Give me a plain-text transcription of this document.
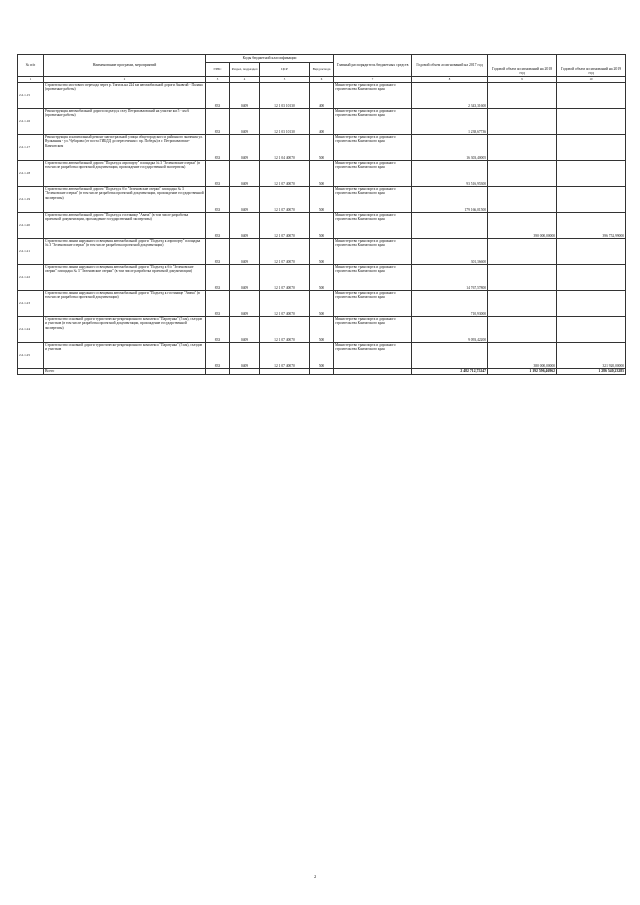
№ п/п	Наименование программ, мероприятий	Коды бюджетной классификации				Главный распорядитель бюджетных средств	Годовой объем ассигнований на 2017 год	Годовой объем ассигнований на 2018 год	Годовой объем ассигнований на 2019 год
		ГРБС	Раздел, подраздел	ЦСР	Вид расхода				
1	2	3	4	5	6	7	8	9	10
2.2.1.15	Строительство мостового перехода через р. Тигиль на 224 км автомобильной дороги Анавгай - Палана (проектные работы)	833	0409	12 1 03 10130	400	Министерство транспорта и дорожного строительства Камчатского края	2 343,31600		
2.2.1.16	Реконструкция автомобильной дороги подъезд к селу Петропавловский на участке км 5 - км 6 (проектные работы)	833	0409	12 1 03 10130	400	Министерство транспорта и дорожного строительства Камчатского края	1 238,67736		
2.2.1.17	Реконструкция и капитальный ремонт магистральной улицы общегородского и районного значения ул. Вулканная - ул. Чубарова (от поста ГИБДД до пересечения с пр. Победы) в г. Петропавловске-Камчатском	833	0409	12 1 04 40070	500	Министерство транспорта и дорожного строительства Камчатского края	16 303,40005		
2.2.1.18	Строительство автомобильной дороги "Подъезд к аэропорту" площадка № 3 "Зеленовские озерки" (в том числе разработка проектной документации, прохождение государственной экспертизы)	833	0409	12 1 07 40070	500	Министерство транспорта и дорожного строительства Камчатского края	93 516,95300		
2.2.1.19	Строительство автомобильной дороги "Подъезд к б/о "Зеленовские озерки" площадка № 3 "Зеленовские озерки" (в том числе разработка проектной документации, прохождение государственной экспертизы)	833	0409	12 1 07 40070	500	Министерство транспорта и дорожного строительства Камчатского края	179 166,01500		
2.2.1.20	Строительство автомобильной дороги "Подъезд к гостинице "Авача" (в том числе разработка проектной документации, прохождение государственной экспертизы)	833	0409	12 1 07 40070	500	Министерство транспорта и дорожного строительства Камчатского края		390 000,00000	396 752,99000
2.2.1.21	Строительство линии наружного освещения автомобильной дороги "Подъезд к аэропорту" площадка № 3 "Зеленовские озерки" (в том числе разработка проектной документации)	833	0409	12 1 07 40070	500	Министерство транспорта и дорожного строительства Камчатского края	301,36600		
2.2.1.22	Строительство линии наружного освещения автомобильной дороги "Подъезд к б/о "Зеленовские озерки" площадка № 3 "Зеленовские озерки" (в том числе разработка проектной документации)	833	0409	12 1 07 40070	500	Министерство транспорта и дорожного строительства Камчатского края	14 767,57800		
2.2.1.23	Строительство линии наружного освещения автомобильной дороги "Подъезд к гостинице "Авача" (в том числе разработка проектной документации)	833	0409	12 1 07 40070	500	Министерство транспорта и дорожного строительства Камчатского края	710,93000		
2.2.1.24	Строительство основной дороги туристическо-рекреационного комплекса "Паратунка" (5 км), съездов и участков (в том числе разработка проектной документации, прохождение государственной экспертизы)	833	0409	12 1 07 40070	500	Министерство транспорта и дорожного строительства Камчатского края	9 093,42200		
2.2.1.25	Строительство основной дороги туристическо-рекреационного комплекса "Паратунка" (5 км), съездов и участков	833	0409	12 1 07 40070	500	Министерство транспорта и дорожного строительства Камчатского края		380 000,00000	321 920,00000
	Всего						2 482 712,75247	1 192 596,46962	1 286 540,23285
2
